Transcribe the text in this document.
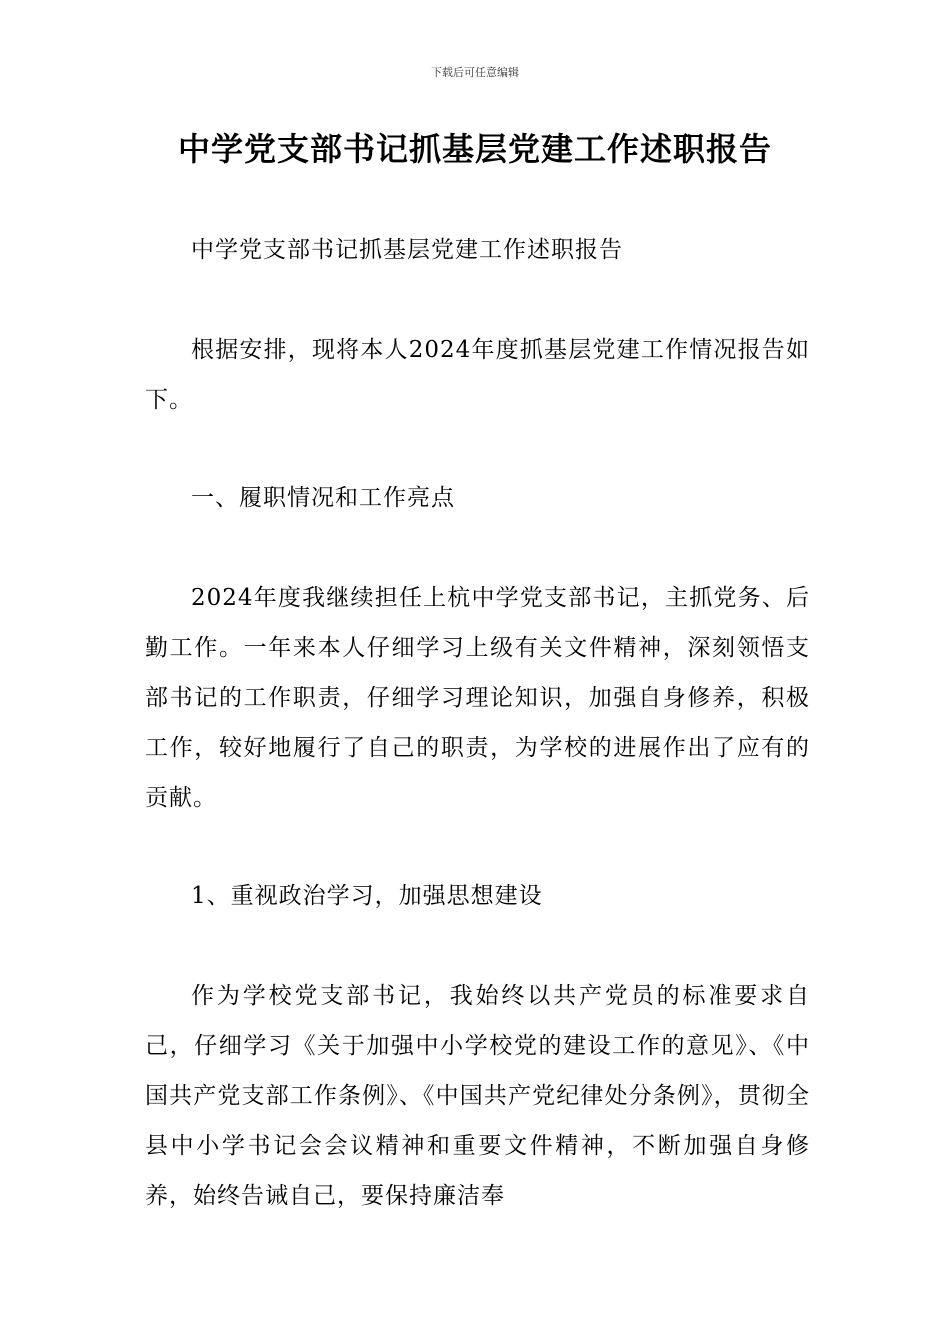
下载后可任意编辑
中学党支部书记抓基层党建工作述职报告

中学党支部书记抓基层党建工作述职报告

根据安排，现将本人2024年度抓基层党建工作情况报告如下。

一、履职情况和工作亮点

2024年度我继续担任上杭中学党支部书记，主抓党务、后勤工作。一年来本人仔细学习上级有关文件精神，深刻领悟支部书记的工作职责，仔细学习理论知识，加强自身修养，积极工作，较好地履行了自己的职责，为学校的进展作出了应有的贡献。

1、重视政治学习，加强思想建设

作为学校党支部书记，我始终以共产党员的标准要求自己，仔细学习《关于加强中小学校党的建设工作的意见》、《中国共产党支部工作条例》、《中国共产党纪律处分条例》，贯彻全县中小学书记会会议精神和重要文件精神，不断加强自身修养，始终告诫自己，要保持廉洁奉
